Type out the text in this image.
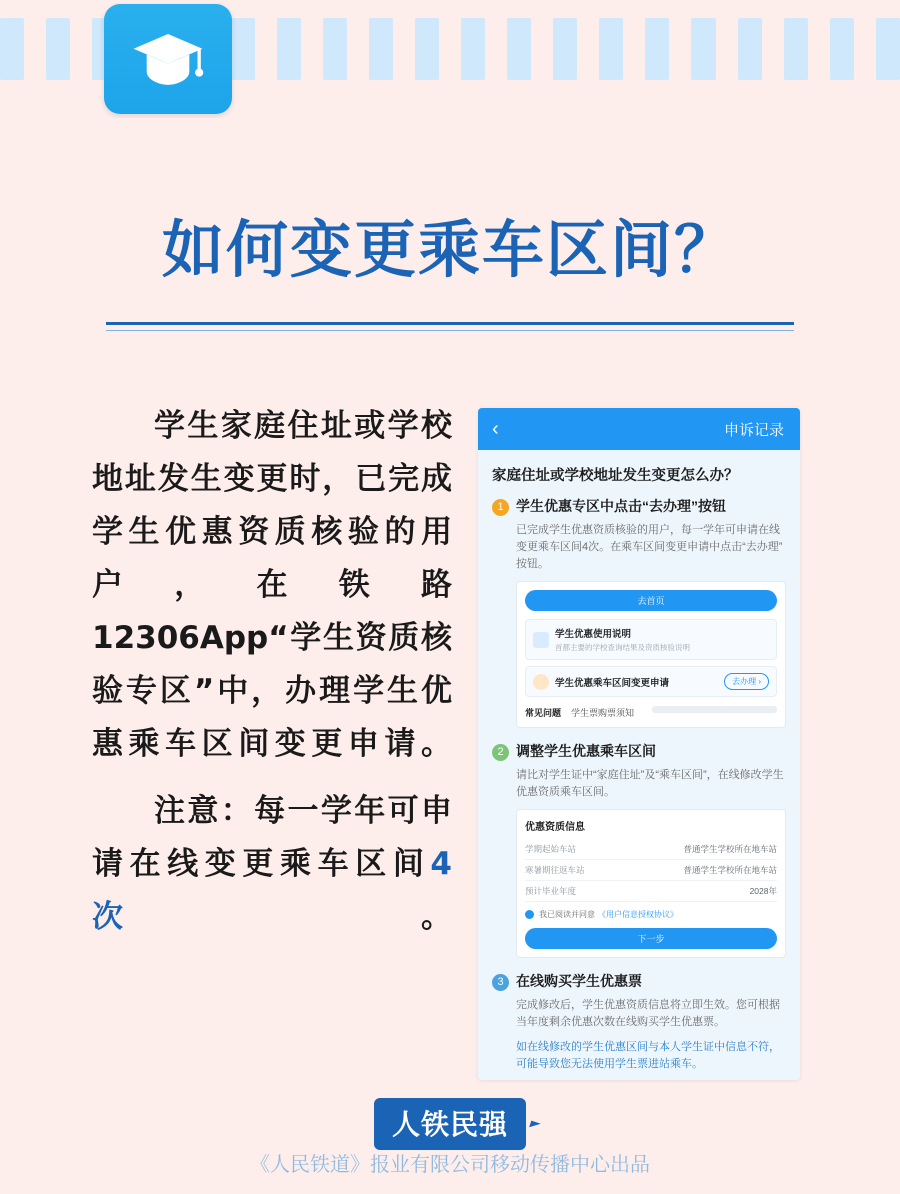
如何变更乘车区间？

学生家庭住址或学校地址发生变更时，已完成学生优惠资质核验的用户，在铁路12306App“学生资质核验专区”中，办理学生优惠乘车区间变更申请。

注意：每一学年可申请在线变更乘车区间4次。

‹	申诉记录
家庭住址或学校地址发生变更怎么办？
1 学生优惠专区中点击“去办理”按钮
已完成学生优惠资质核验的用户，每一学年可申请在线变更乘车区间4次。在乘车区间变更申请中点击“去办理”按钮。
去首页
学生优惠使用说明
首都主要的学校查询结果及资质核验说明
学生优惠乘车区间变更申请	去办理 ›
常见问题 学生票购票须知
2 调整学生优惠乘车区间
请比对学生证中“家庭住址”及“乘车区间”，在线修改学生优惠资质乘车区间。
优惠资质信息
学期起始车站	普通学生学校所在地车站
寒暑期往返车站	普通学生学校所在地车站
预计毕业年度	2028年
我已阅读并同意 《用户信息授权协议》
下一步
3 在线购买学生优惠票
完成修改后，学生优惠资质信息将立即生效。您可根据当年度剩余优惠次数在线购买学生优惠票。
如在线修改的学生优惠区间与本人学生证中信息不符，可能导致您无法使用学生票进站乘车。
人铁民强
《人民铁道》报业有限公司移动传播中心出品
